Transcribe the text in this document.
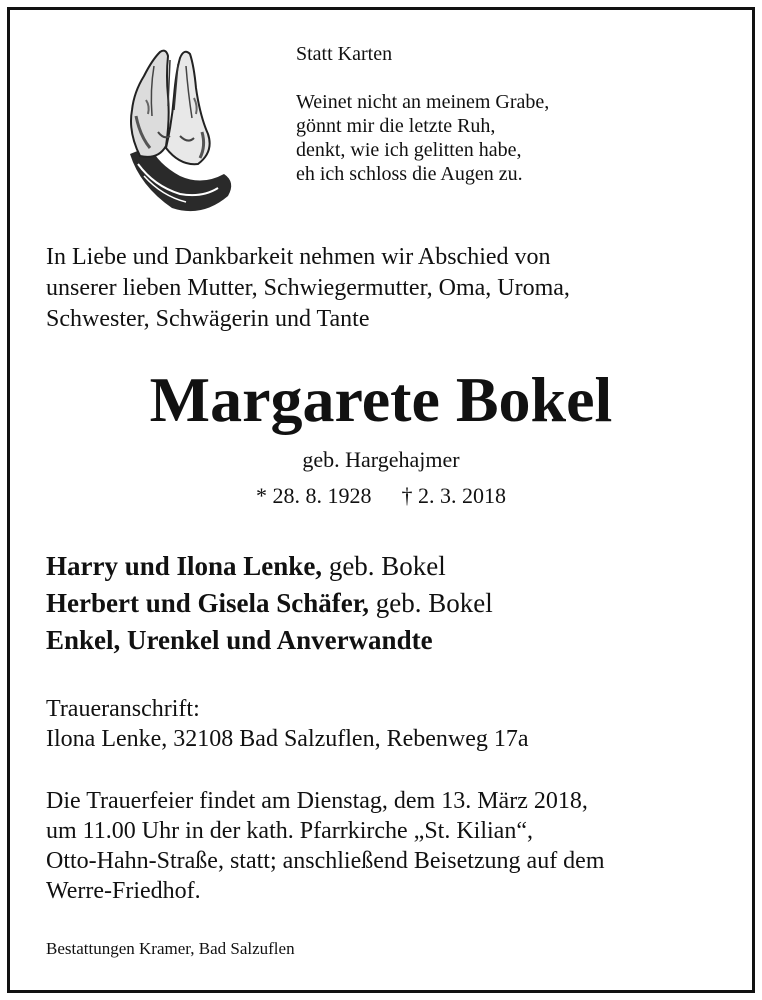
Statt Karten
Weinet nicht an meinem Grabe,
gönnt mir die letzte Ruh,
denkt, wie ich gelitten habe,
eh ich schloss die Augen zu.
In Liebe und Dankbarkeit nehmen wir Abschied von
unserer lieben Mutter, Schwiegermutter, Oma, Uroma,
Schwester, Schwägerin und Tante
Margarete Bokel
geb. Hargehajmer
* 28. 8. 1928 † 2. 3. 2018
Harry und Ilona Lenke, geb. Bokel
Herbert und Gisela Schäfer, geb. Bokel
Enkel, Urenkel und Anverwandte
Traueranschrift:
Ilona Lenke, 32108 Bad Salzuflen, Rebenweg 17a
Die Trauerfeier findet am Dienstag, dem 13. März 2018,
um 11.00 Uhr in der kath. Pfarrkirche „St. Kilian“,
Otto-Hahn-Straße, statt; anschließend Beisetzung auf dem
Werre-Friedhof.
Bestattungen Kramer, Bad Salzuflen
